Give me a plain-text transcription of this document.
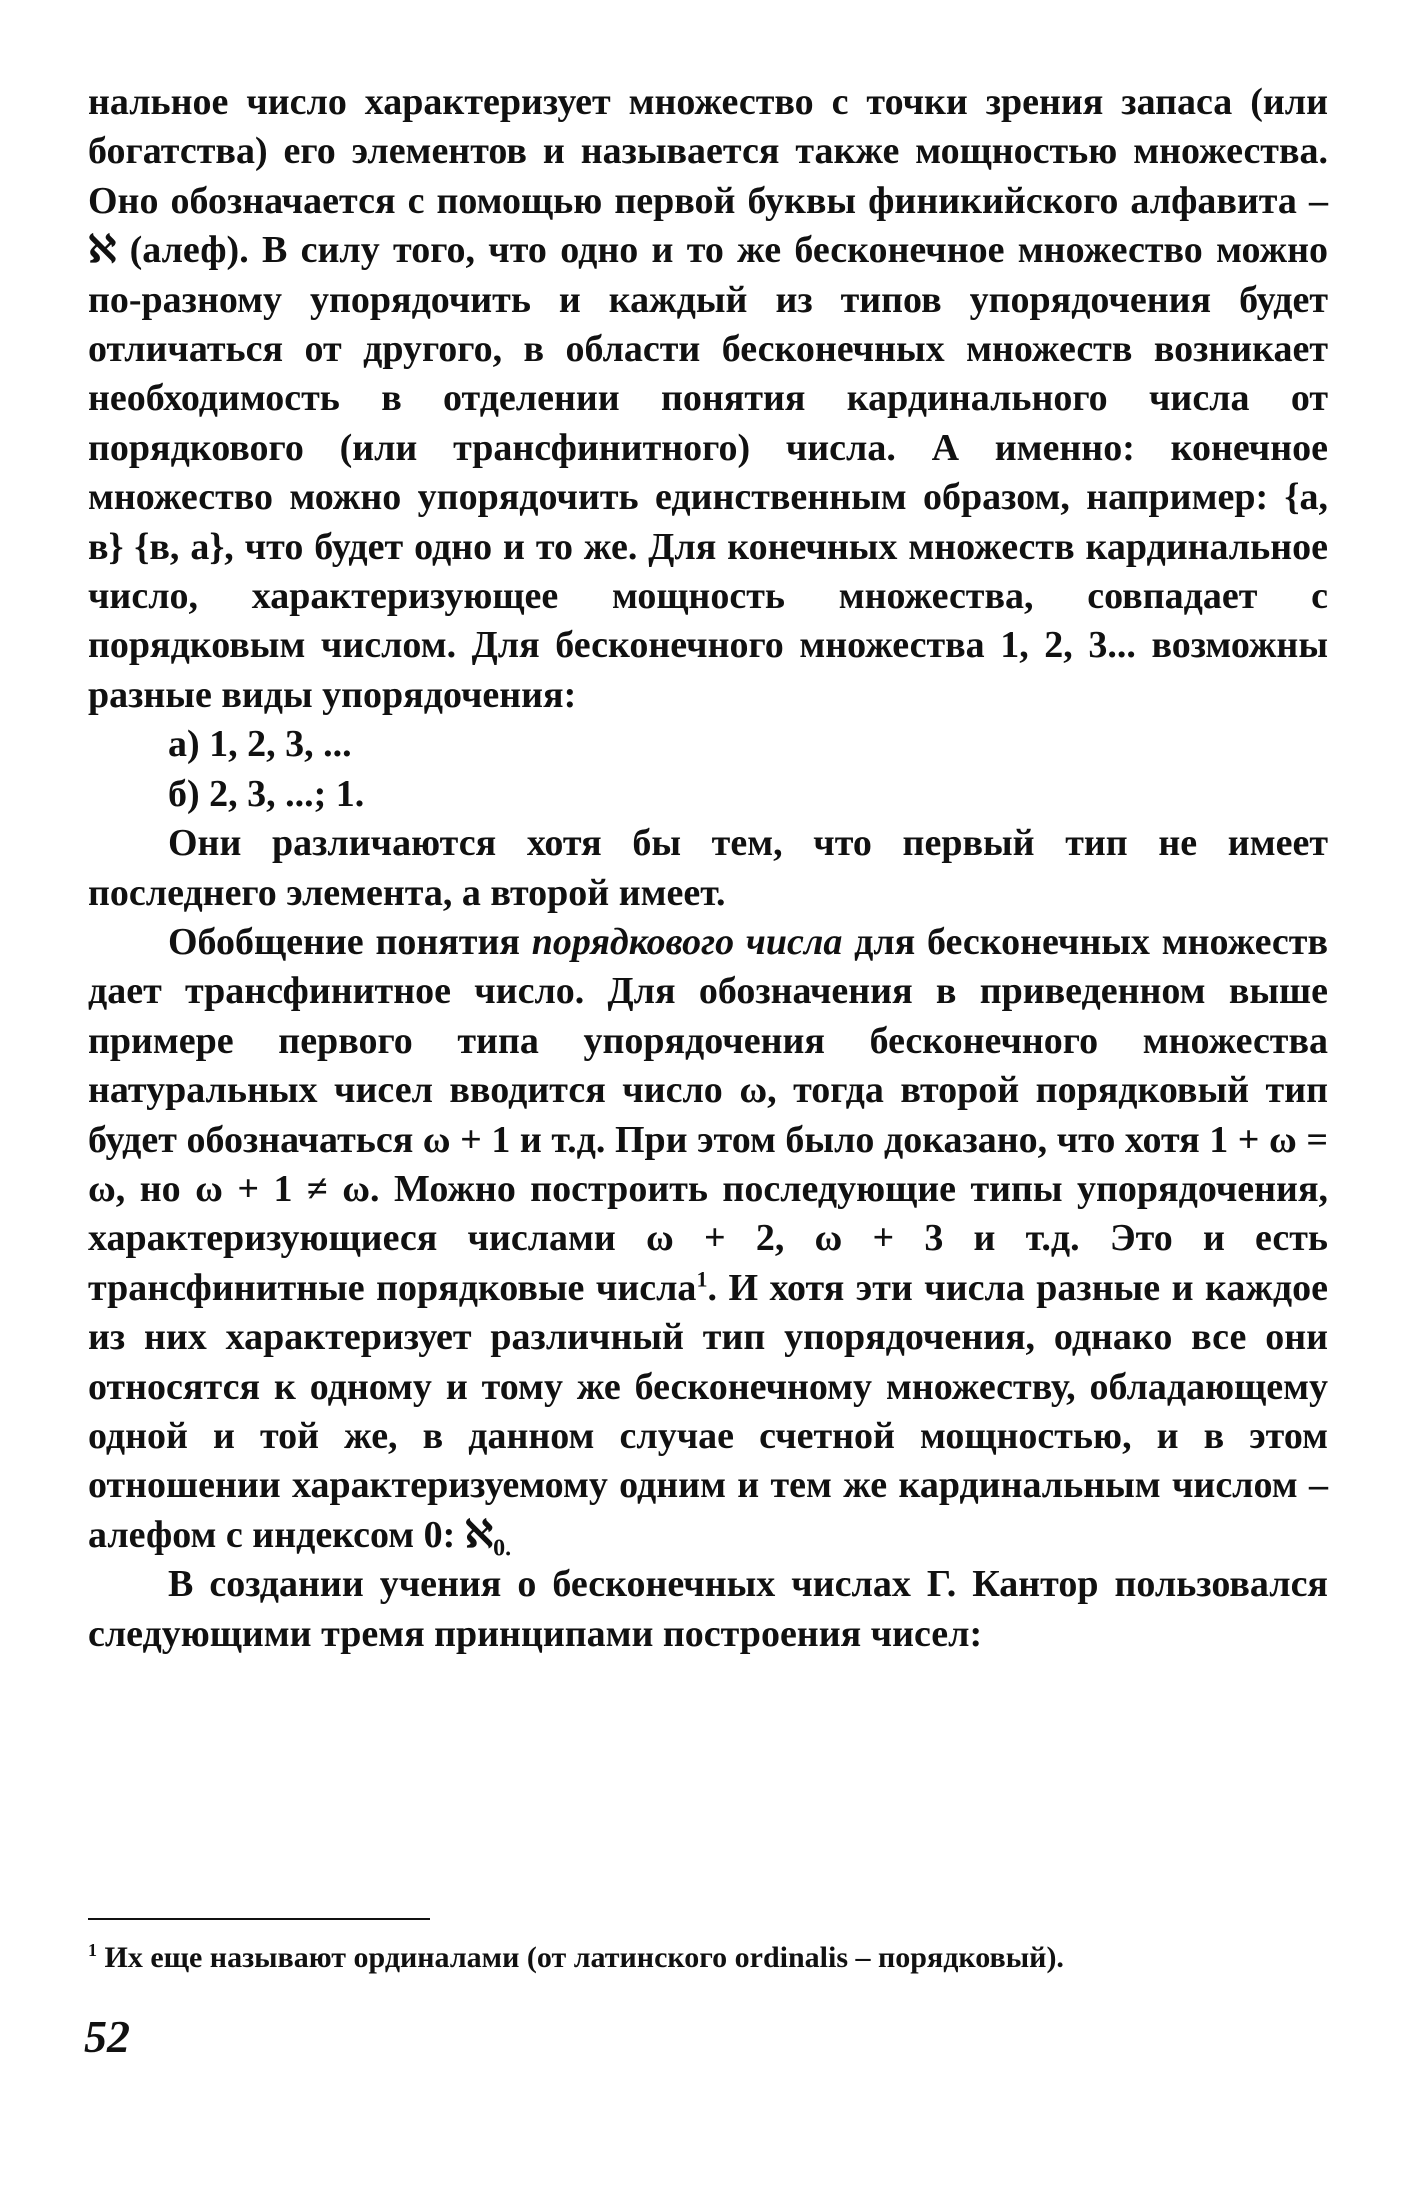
нальное число характеризует множество с точки зрения запаса (или богатства) его элементов и называется также мощностью множества. Оно обозначается с помощью первой буквы финикийского алфавита – ℵ (алеф). В силу того, что одно и то же бесконечное множество можно по-разному упорядочить и каждый из типов упорядочения будет отличаться от другого, в области бесконечных множеств возникает необходимость в отделении понятия кардинального числа от порядкового (или трансфинитного) числа. А именно: конечное множество можно упорядочить единственным образом, например: {а, в} {в, а}, что будет одно и то же. Для конечных множеств кардинальное число, характеризующее мощность множества, совпадает с порядковым числом. Для бесконечного множества 1, 2, 3... возможны разные виды упорядочения:

а) 1, 2, 3, ...

б) 2, 3, ...; 1.

Они различаются хотя бы тем, что первый тип не имеет последнего элемента, а второй имеет.

Обобщение понятия порядкового числа для бесконечных множеств дает трансфинитное число. Для обозначения в приведенном выше примере первого типа упорядочения бесконечного множества натуральных чисел вводится число ω, тогда второй порядковый тип будет обозначаться ω + 1 и т.д. При этом было доказано, что хотя 1 + ω = ω, но ω + 1 ≠ ω. Можно построить последующие типы упорядочения, характеризующиеся числами ω + 2, ω + 3 и т.д. Это и есть трансфинитные порядковые числа$^1$. И хотя эти числа разные и каждое из них характеризует различный тип упорядочения, однако все они относятся к одному и тому же бесконечному множеству, обладающему одной и той же, в данном случае счетной мощностью, и в этом отношении характеризуемому одним и тем же кардинальным числом – алефом с индексом 0: ℵ$_{0.}$

В создании учения о бесконечных числах Г. Кантор пользовался следующими тремя принципами построения чисел:

$^1$ Их еще называют ординалами (от латинского ordinalis – порядковый).
52
